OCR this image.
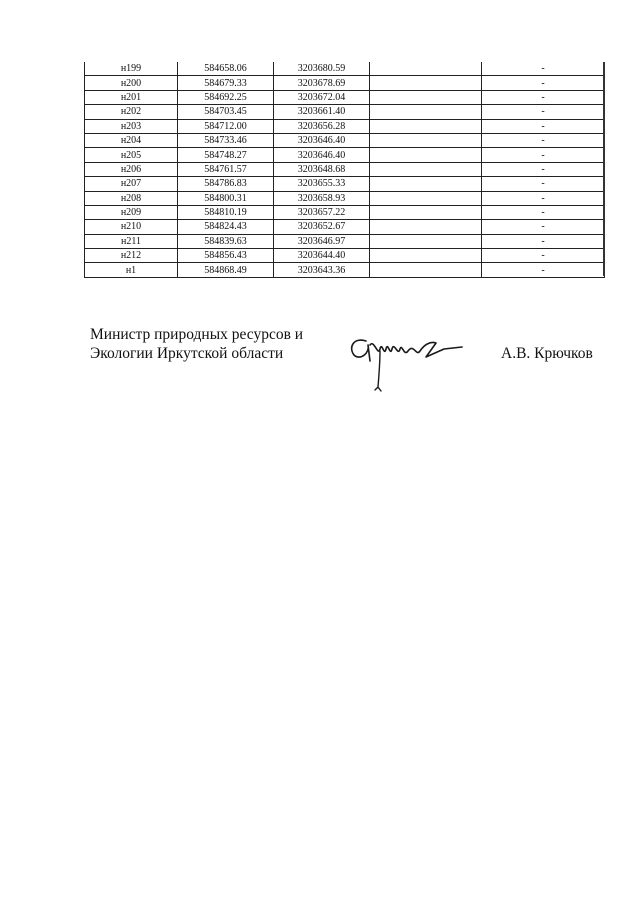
н199	584658.06	3203680.59		-
н200	584679.33	3203678.69		-
н201	584692.25	3203672.04		-
н202	584703.45	3203661.40		-
н203	584712.00	3203656.28		-
н204	584733.46	3203646.40		-
н205	584748.27	3203646.40		-
н206	584761.57	3203648.68		-
н207	584786.83	3203655.33		-
н208	584800.31	3203658.93		-
н209	584810.19	3203657.22		-
н210	584824.43	3203652.67		-
н211	584839.63	3203646.97		-
н212	584856.43	3203644.40		-
н1	584868.49	3203643.36		-
Министр природных ресурсов и
Экологии Иркутской области	А.В. Крючков
